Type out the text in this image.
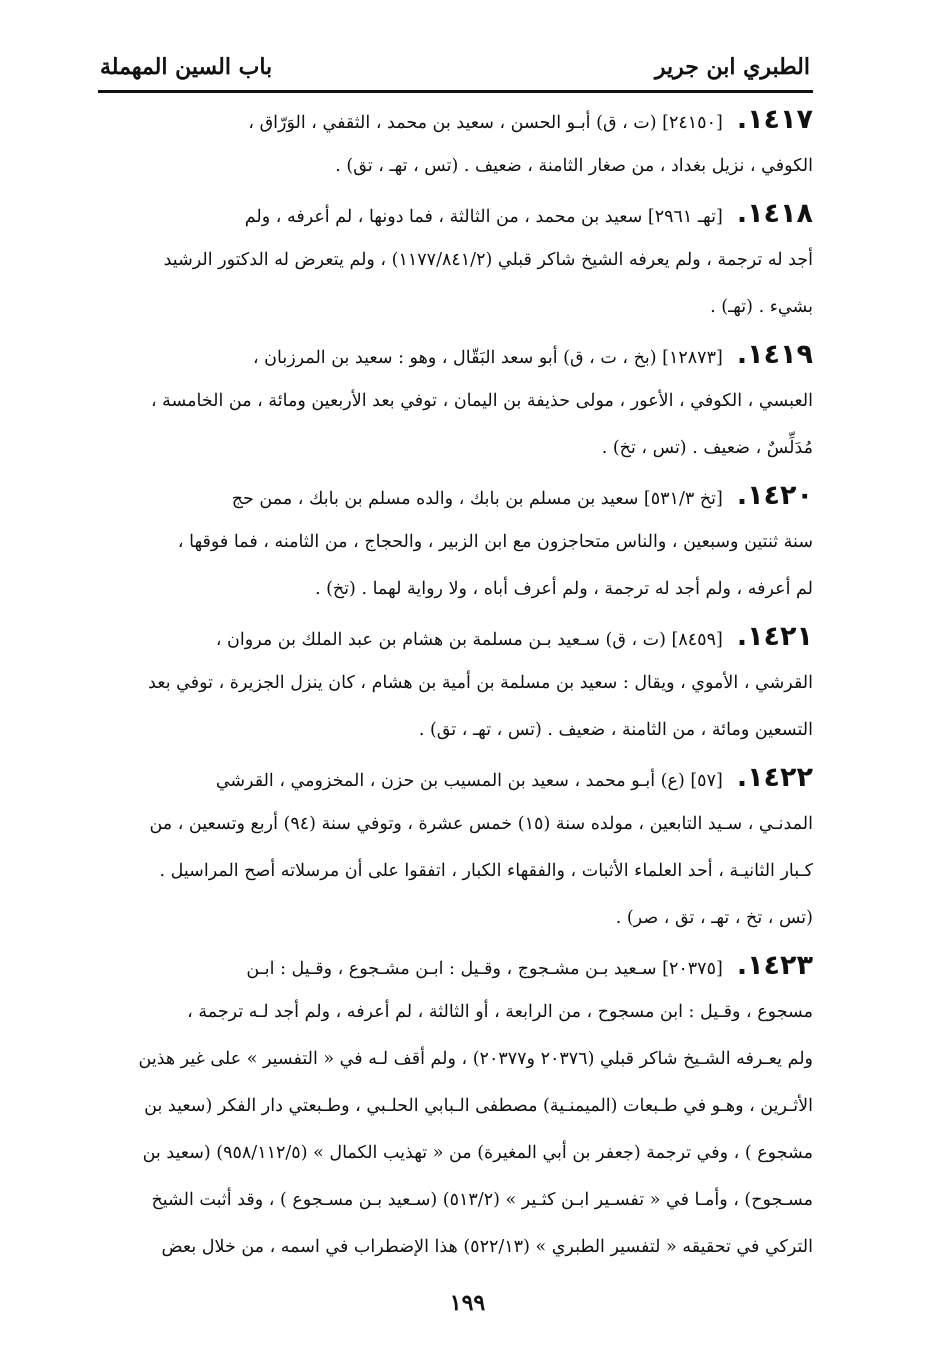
الطبري ابن جرير
باب السين المهملة
١٤١٧.[٢٤١٥٠] (ت ، ق) أبـو الحسن ، سعيد بن محمد ، الثقفي ، الوَرّاق ،
الكوفي ، نزيل بغداد ، من صغار الثامنة ، ضعيف . (تس ، تهـ ، تق) .
١٤١٨.[تهـ ٢٩٦١] سعيد بن محمد ، من الثالثة ، فما دونها ، لم أعرفه ، ولم
أجد له ترجمة ، ولم يعرفه الشيخ شاكر قبلي (١١٧٧/٨٤١/٢) ، ولم يتعرض له الدكتور الرشيد
بشيء . (تهـ) .
١٤١٩.[١٢٨٧٣] (بخ ، ت ، ق) أبو سعد البَقّال ، وهو : سعيد بن المرزبان ،
العبسي ، الكوفي ، الأعور ، مولى حذيفة بن اليمان ، توفي بعد الأربعين ومائة ، من الخامسة ،
مُدَلِّسٌ ، ضعيف . (تس ، تخ) .
١٤٢٠.[تخ ٥٣١/٣] سعيد بن مسلم بن بابك ، والده مسلم بن بابك ، ممن حج
سنة ثنتين وسبعين ، والناس متحاجزون مع ابن الزبير ، والحجاج ، من الثامنه ، فما فوقها ،
لم أعرفه ، ولم أجد له ترجمة ، ولم أعرف أباه ، ولا رواية لهما . (تخ) .
١٤٢١.[٨٤٥٩] (ت ، ق) سـعيد بـن مسلمة بن هشام بن عبد الملك بن مروان ،
القرشي ، الأموي ، ويقال : سعيد بن مسلمة بن أمية بن هشام ، كان ينزل الجزيرة ، توفي بعد
التسعين ومائة ، من الثامنة ، ضعيف . (تس ، تهـ ، تق) .
١٤٢٢.[٥٧] (ع) أبـو محمد ، سعيد بن المسيب بن حزن ، المخزومي ، القرشي
المدنـي ، سـيد التابعين ، مولده سنة (١٥) خمس عشرة ، وتوفي سنة (٩٤) أربع وتسعين ، من
كـبار الثانيـة ، أحد العلماء الأثبات ، والفقهاء الكبار ، اتفقوا على أن مرسلاته أصح المراسيل .
(تس ، تخ ، تهـ ، تق ، صر) .
١٤٢٣.[٢٠٣٧٥] سـعيد بـن مشـجوج ، وقـيل : ابـن مشـجوع ، وقـيل : ابـن
مسجوع ، وقـيل : ابن مسجوح ، من الرابعة ، أو الثالثة ، لم أعرفه ، ولم أجد لـه ترجمة ،
ولم يعـرفه الشـيخ شاكر قبلي (٢٠٣٧٦ و٢٠٣٧٧) ، ولم أقف لـه في « التفسير » على غير هذين
الأثـرين ، وهـو في طـبعات (الميمنـية) مصطفى الـبابي الحلـبي ، وطـبعتي دار الفكر (سعيد بن
مشجوع ) ، وفي ترجمة (جعفر بن أبي المغيرة) من « تهذيب الكمال » (٩٥٨/١١٢/٥) (سعيد بن
مسـجوح) ، وأمـا في « تفسـير ابـن كثـير » (٥١٣/٢) (سـعيد بـن مسـجوع ) ، وقد أثبت الشيخ
التركي في تحقيقه « لتفسير الطبري » (٥٢٢/١٣) هذا الإضطراب في اسمه ، من خلال بعض
١٩٩
